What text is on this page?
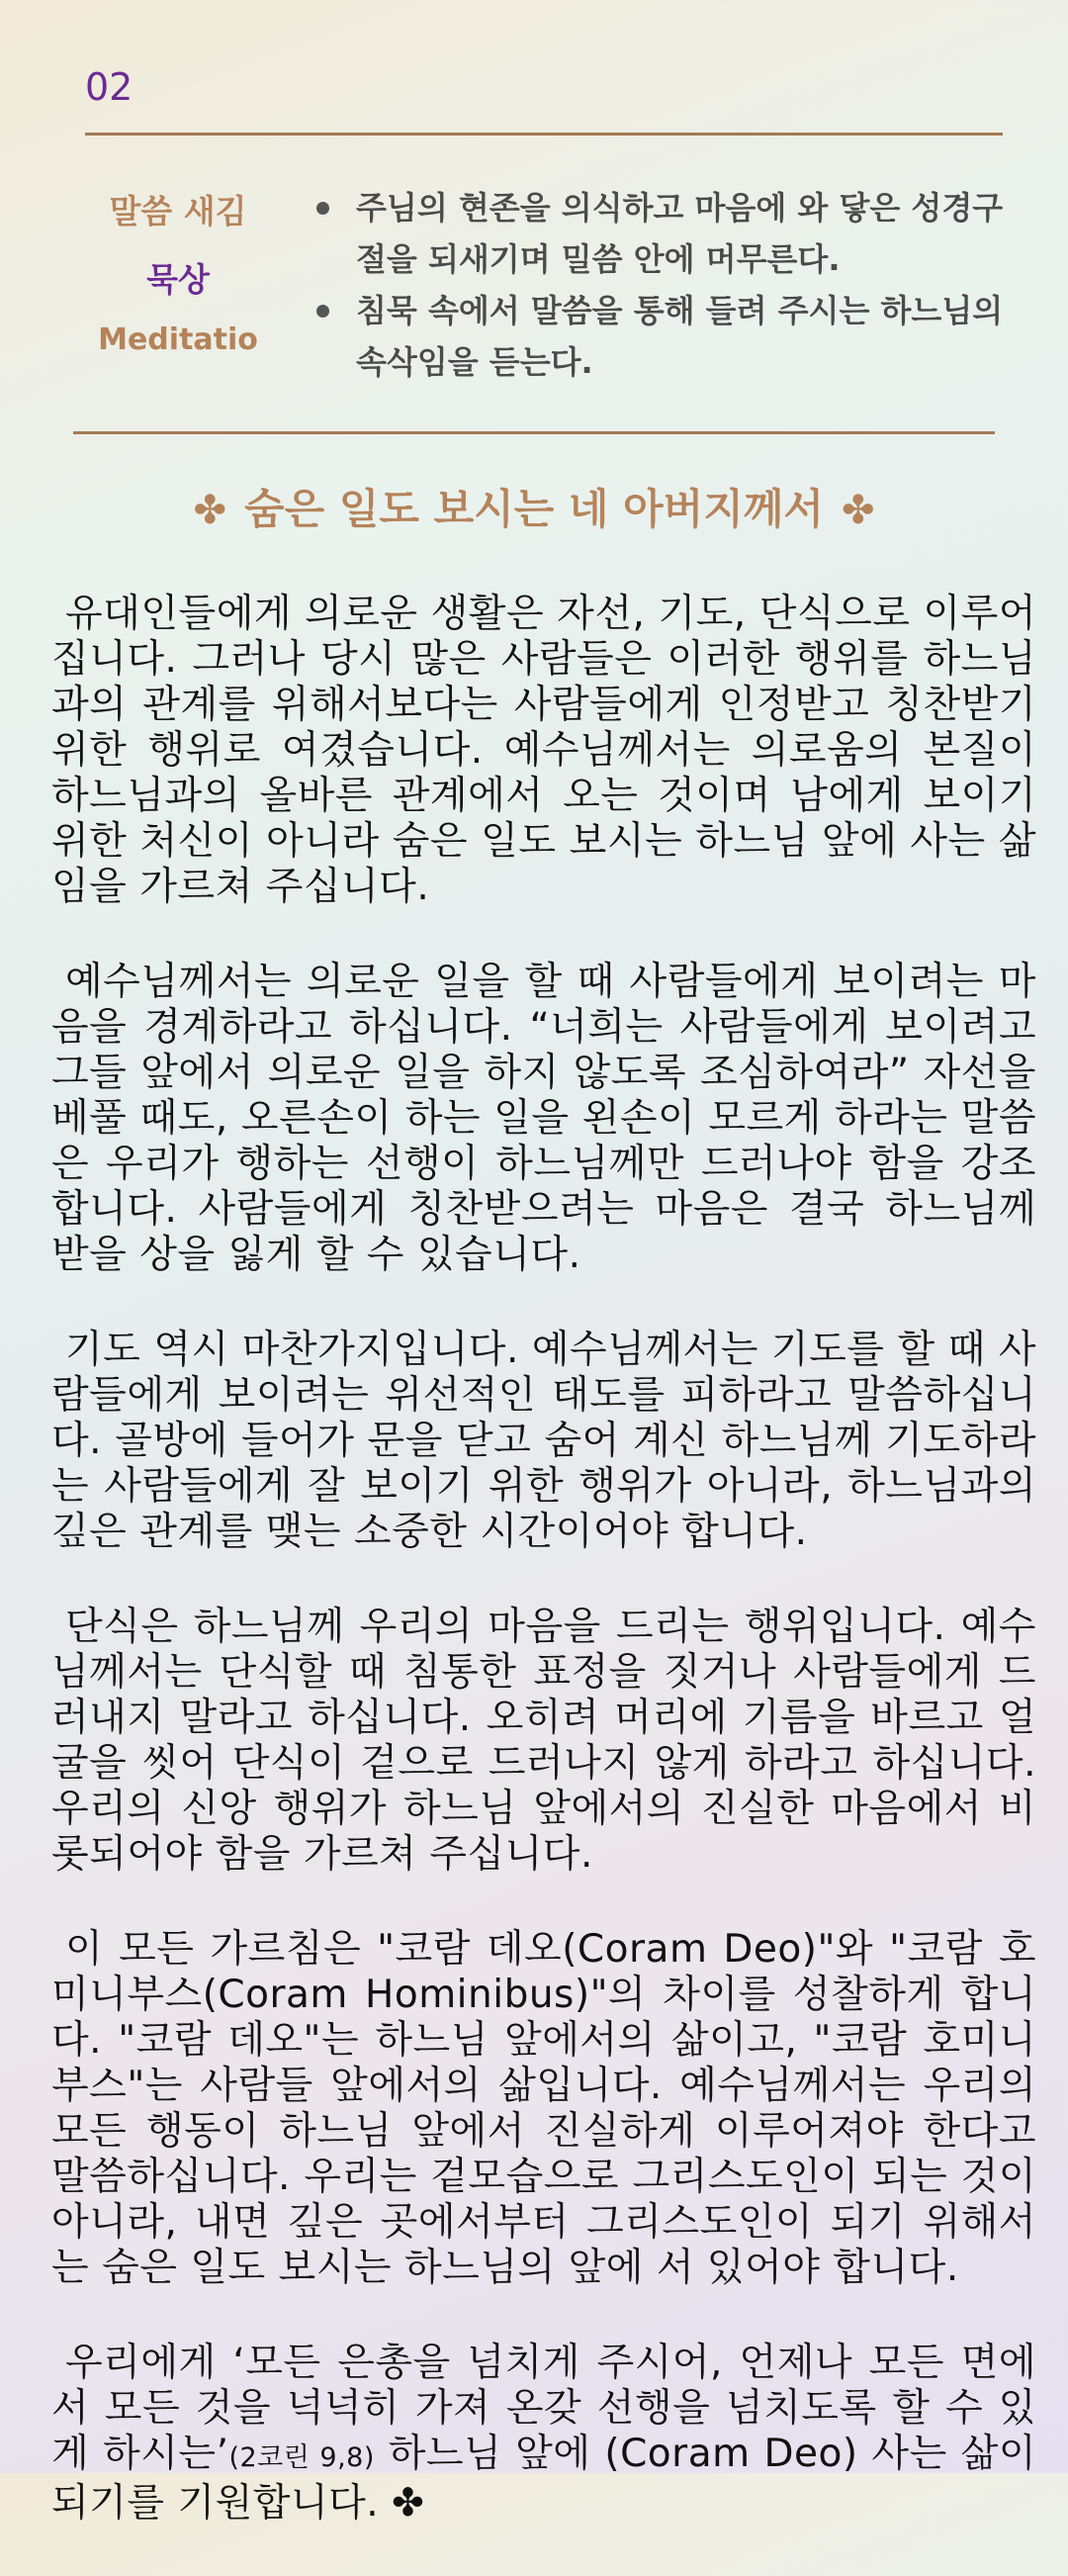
02
말씀 새김
묵상
Meditatio
주님의 현존을 의식하고 마음에 와 닿은 성경구절을 되새기며 밀씀 안에 머무른다.
침묵 속에서 말씀을 통해 들려 주시는 하느님의 속삭임을 듣는다.
✤ 숨은 일도 보시는 네 아버지께서 ✤

유대인들에게 의로운 생활은 자선, 기도, 단식으로 이루어집니다. 그러나 당시 많은 사람들은 이러한 행위를 하느님과의 관계를 위해서보다는 사람들에게 인정받고 칭찬받기 위한 행위로 여겼습니다. 예수님께서는 의로움의 본질이 하느님과의 올바른 관계에서 오는 것이며 남에게 보이기 위한 처신이 아니라 숨은 일도 보시는 하느님 앞에 사는 삶임을 가르쳐 주십니다.

예수님께서는 의로운 일을 할 때 사람들에게 보이려는 마음을 경계하라고 하십니다. “너희는 사람들에게 보이려고 그들 앞에서 의로운 일을 하지 않도록 조심하여라” 자선을 베풀 때도, 오른손이 하는 일을 왼손이 모르게 하라는 말씀은 우리가 행하는 선행이 하느님께만 드러나야 함을 강조합니다. 사람들에게 칭찬받으려는 마음은 결국 하느님께 받을 상을 잃게 할 수 있습니다.

기도 역시 마찬가지입니다. 예수님께서는 기도를 할 때 사람들에게 보이려는 위선적인 태도를 피하라고 말씀하십니다. 골방에 들어가 문을 닫고 숨어 계신 하느님께 기도하라는 사람들에게 잘 보이기 위한 행위가 아니라, 하느님과의 깊은 관계를 맺는 소중한 시간이어야 합니다.

단식은 하느님께 우리의 마음을 드리는 행위입니다. 예수님께서는 단식할 때 침통한 표정을 짓거나 사람들에게 드러내지 말라고 하십니다. 오히려 머리에 기름을 바르고 얼굴을 씻어 단식이 겉으로 드러나지 않게 하라고 하십니다. 우리의 신앙 행위가 하느님 앞에서의 진실한 마음에서 비롯되어야 함을 가르쳐 주십니다.

이 모든 가르침은 "코람 데오(Coram Deo)"와 "코람 호미니부스(Coram Hominibus)"의 차이를 성찰하게 합니다. "코람 데오"는 하느님 앞에서의 삶이고, "코람 호미니부스"는 사람들 앞에서의 삶입니다. 예수님께서는 우리의 모든 행동이 하느님 앞에서 진실하게 이루어져야 한다고 말씀하십니다. 우리는 겉모습으로 그리스도인이 되는 것이 아니라, 내면 깊은 곳에서부터 그리스도인이 되기 위해서는 숨은 일도 보시는 하느님의 앞에 서 있어야 합니다.

우리에게 ‘모든 은총을 넘치게 주시어, 언제나 모든 면에서 모든 것을 넉넉히 가져 온갖 선행을 넘치도록 할 수 있게 하시는’(2코린 9,8) 하느님 앞에 (Coram Deo) 사는 삶이 되기를 기원합니다. ✤
